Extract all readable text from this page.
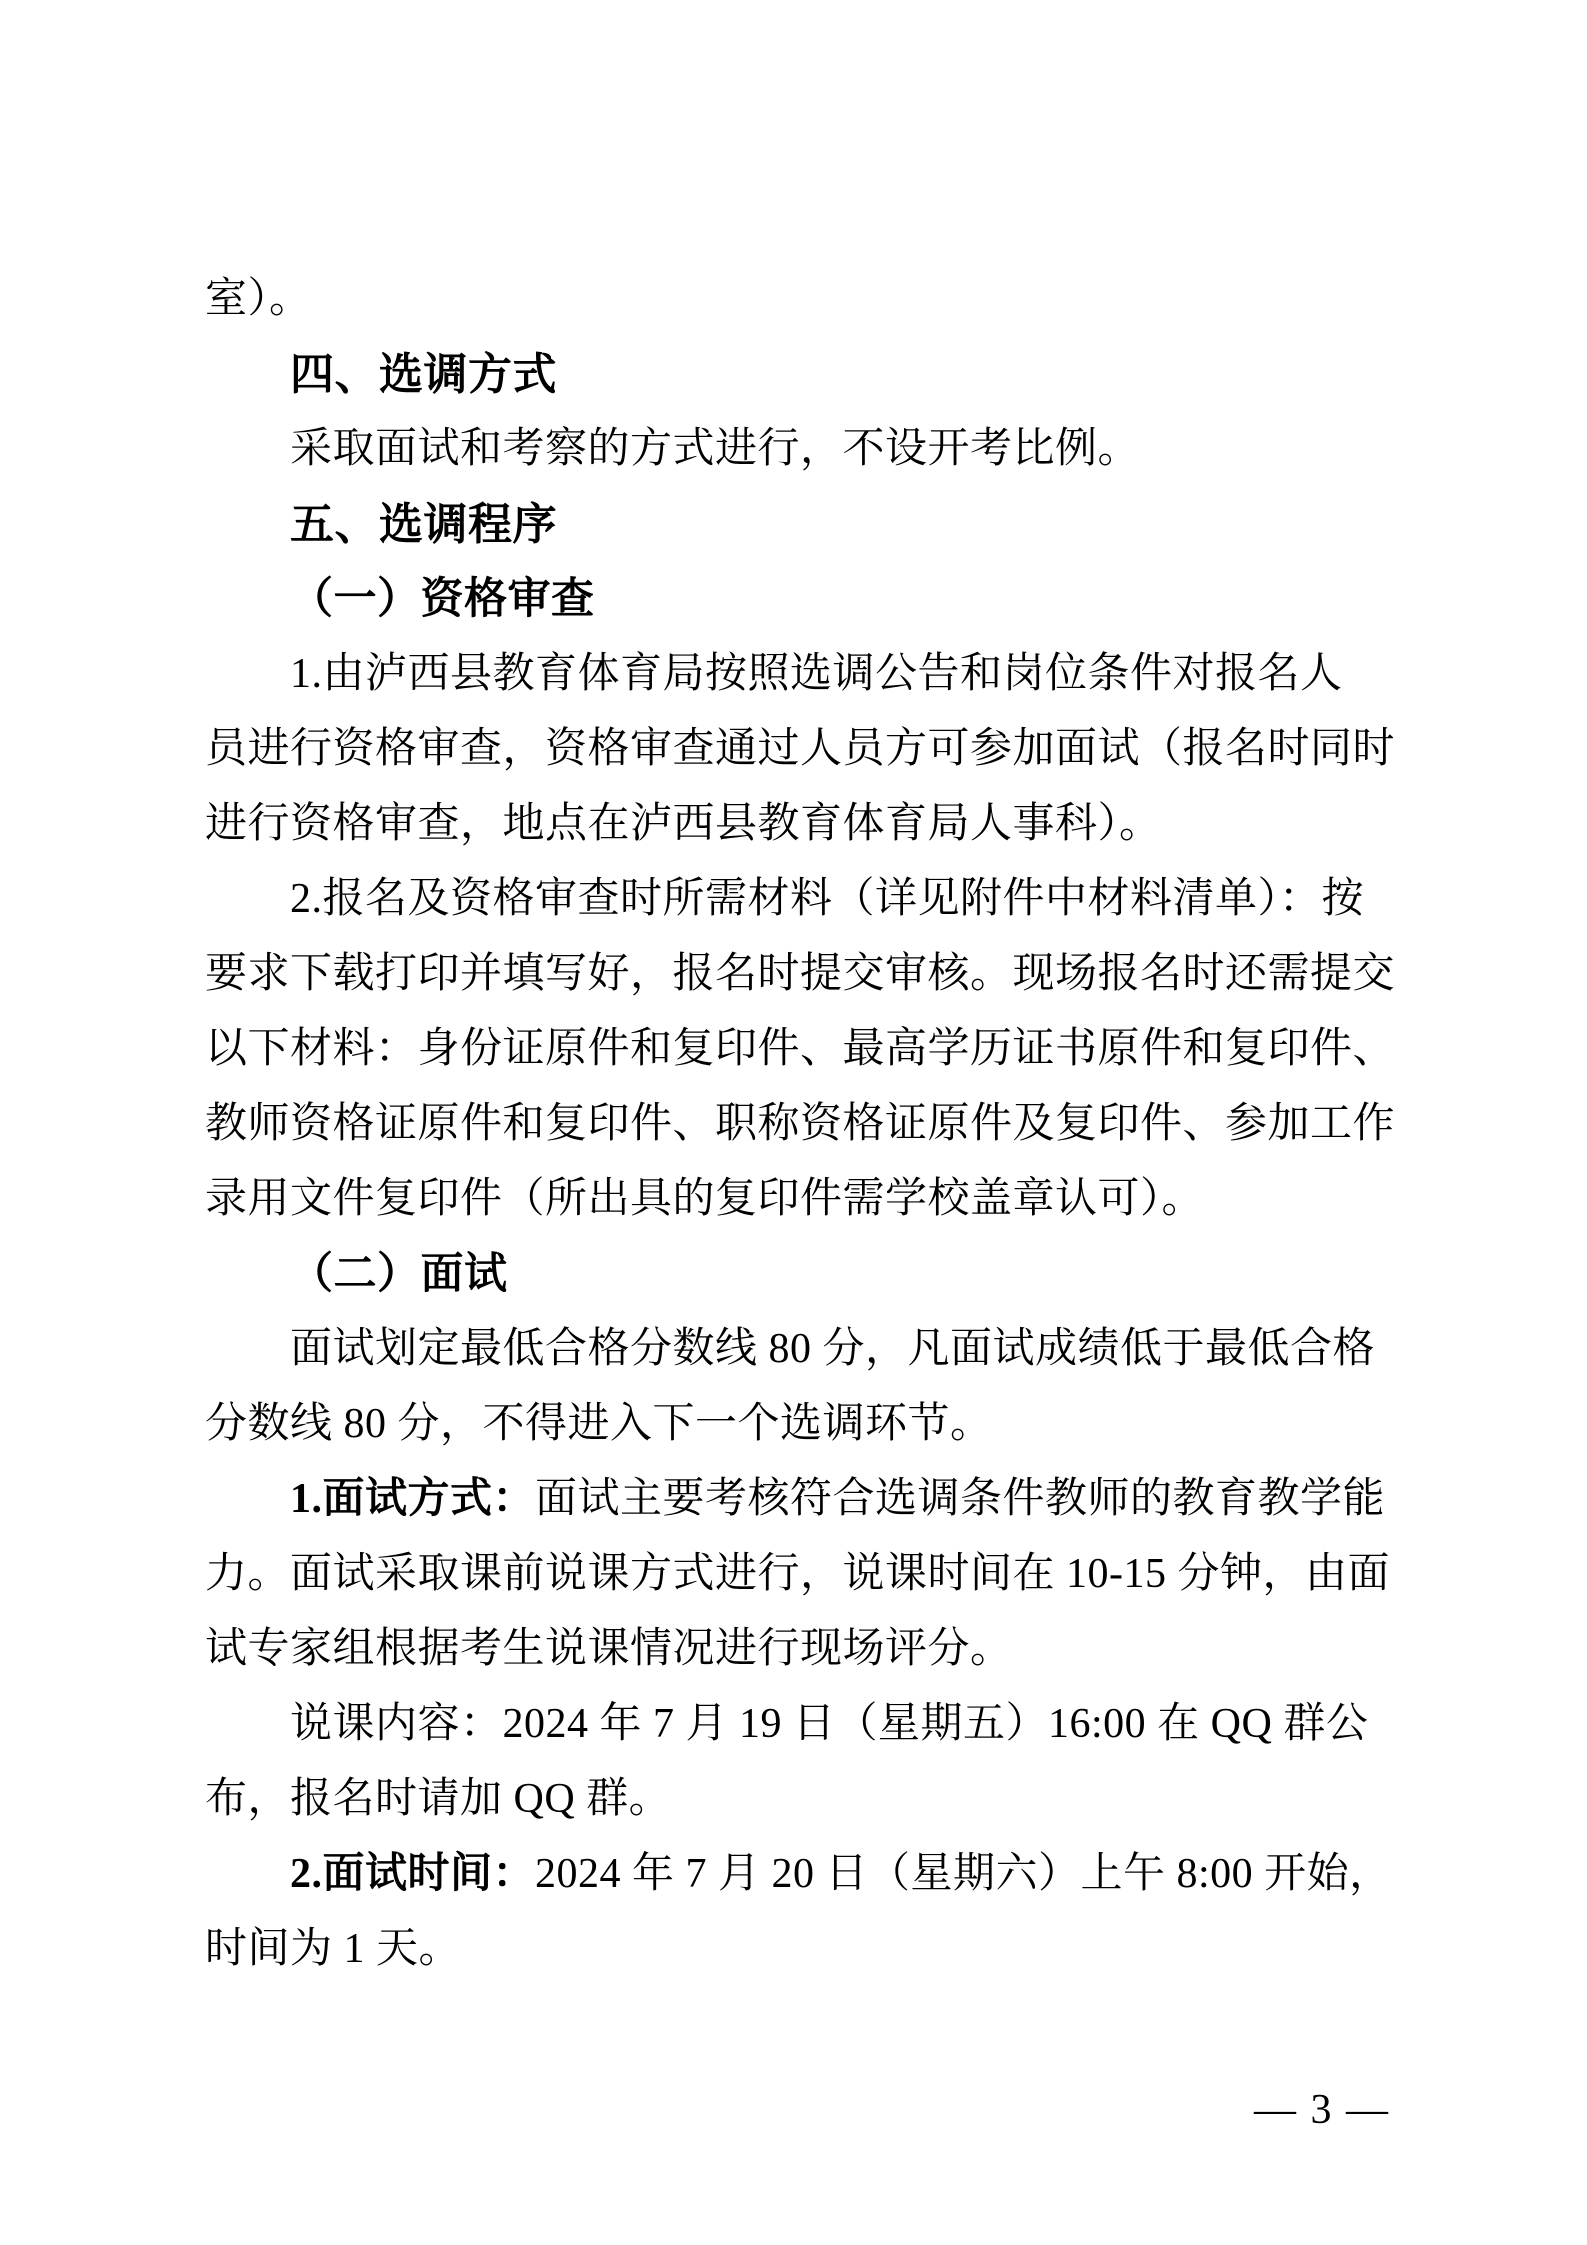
室）。
四、选调方式
采取面试和考察的方式进行，不设开考比例。
五、选调程序
（一）资格审查
1.由泸西县教育体育局按照选调公告和岗位条件对报名人
员进行资格审查，资格审查通过人员方可参加面试（报名时同时
进行资格审查，地点在泸西县教育体育局人事科）。
2.报名及资格审查时所需材料（详见附件中材料清单）：按
要求下载打印并填写好，报名时提交审核。现场报名时还需提交
以下材料：身份证原件和复印件、最高学历证书原件和复印件、
教师资格证原件和复印件、职称资格证原件及复印件、参加工作
录用文件复印件（所出具的复印件需学校盖章认可）。
（二）面试
面试划定最低合格分数线 80 分，凡面试成绩低于最低合格
分数线 80 分，不得进入下一个选调环节。
1.面试方式：面试主要考核符合选调条件教师的教育教学能
力。面试采取课前说课方式进行，说课时间在 10-15 分钟，由面
试专家组根据考生说课情况进行现场评分。
说课内容：2024 年 7 月 19 日（星期五）16:00 在 QQ 群公
布，报名时请加 QQ 群。
2.面试时间：2024 年 7 月 20 日（星期六）上午 8:00 开始，
时间为 1 天。
— 3 —
